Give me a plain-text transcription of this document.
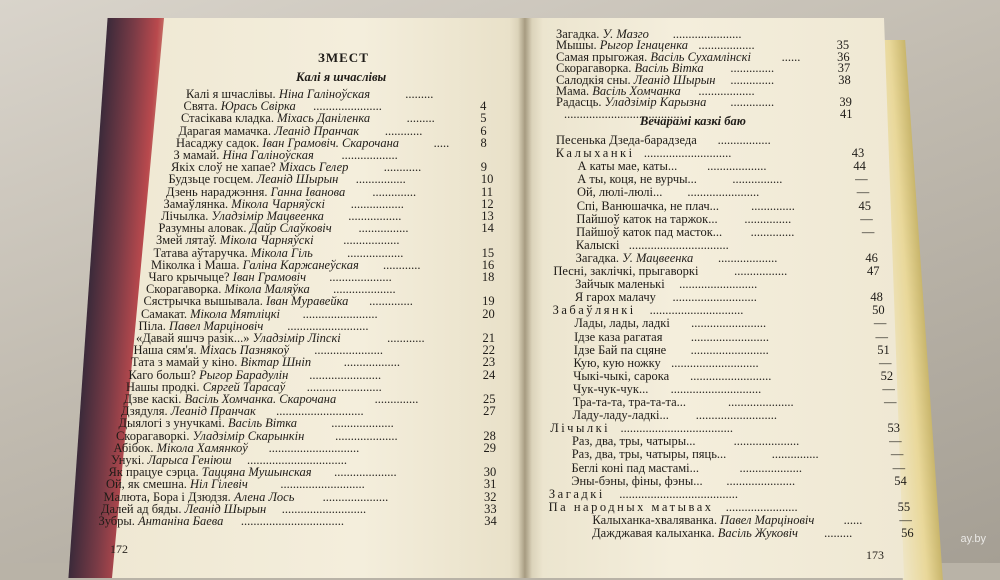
ЗМЕСТ
Калі я шчаслівы
Калі я шчаслівы. Ніна Галіноўская	.........
Свята. Юрась Свірка	4
......................
Стасікава кладка. Міхась Даніленка	5
.........
Дарагая мамачка. Леанід Пранчак	6
............
Насаджу садок. Іван Грамовіч. Скарочана	8
.....
З мамай. Ніна Галіноўская ..................
Якіх слоў не хапае? Міхась Гелер	9
............
Будзьце госцем. Леанід Шырын	10
................
Дзень нараджэння. Ганна Іванова	11
..............
Замаўлянка. Мікола Чарняўскі	12
.................
Лічылка. Уладзімір Мацвеенка	13
.................
Разумны аловак. Дайр Слаўковіч	14
................
Змей лятаў. Мікола Чарняўскі ..................
Татава аўтаручка. Мікола Гіль	15
..................
Міколка і Маша. Галіна Каржанеўская	16
............
Чаго крычыце? Іван Грамовіч	18
....................
Скорагаворка. Мікола Маляўка ....................
Сястрычка вышывала. Іван Муравейка	19
..............
Самакат. Мікола Мятліцкі	20
........................
Піла. Павел Марціновіч ..........................
«Давай яшчэ разік...» Уладзімір Ліпскі	21
............
Наша сям'я. Міхась Пазнякоў	22
......................
Тата з мамай у кіно. Віктар Шніп	23
..................
Каго больш? Рыгор Барадулін	24
.......................
Нашы продкі. Сяргей Тарасаў ........................
Дзве каскі. Васіль Хомчанка. Скарочана	25
..............
Дзядуля. Леанід Пранчак	27
............................
Дыялогі з унучкамі. Васіль Вітка	....................
Скорагаворкі. Уладзімір Скарынкін	28
....................
Абібок. Мікола Хамянкоў	29
.............................
Унукі. Ларыса Геніюш ................................
Як працуе сэрца. Таццяна Мушынская	30
....................
Ой, як смешна. Ніл Гілевіч	31
...........................
Малюта, Бора і Дзюдзя. Алена Лось	32
.....................
Далей ад бяды. Леанід Шырын	33
...........................
Зубры. Антаніна Баева	34
.................................
172
Загадка. У. Мазго ......................
Мышы. Рыгор Ігнаценка	35
..................
Самая прыгожая. Васіль Сухамлінскі	36
......
Скорагаворка. Васіль Вітка	37
..............
Салодкія сны. Леанід Шырын	38
..............
Мама. Васіль Хомчанка ..................
Радасць. Уладзімір Карызна	39
..............
41
......................................
Вечарамі казкі баю
Песенька Дзеда-барадзеда .................
Калыханкі	43
............................
А каты мае, каты...	44
...................
А ты, коця, не вурчы...	—
................
Ой, люлі-люлі...	—
.......................
Спі, Ванюшачка, не плач...	45
..............
Пайшоў каток на таржок...	—
...............
Пайшоў каток пад масток...	—
..............
Калыскі ................................
Загадка. У. Мацвеенка	46
...................
Песні, заклічкі, прыгаворкі	47
.................
Зайчык маленькі .........................
Я гарох малачу	48
...........................
Забаўлянкі	50
..............................
Лады, лады, ладкі	—
........................
Ідзе каза рагатая	—
.........................
Ідзе Бай па сцяне	51
.........................
Кую, кую ножку	—
............................
Чыкі-чыкі, сарока	52
..........................
Чук-чук-чук...	—
.............................
Тра-та-та, тра-та-та...	—
.....................
Ладу-ладу-ладкі... ..........................
Лічылкі	53
....................................
Раз, два, тры, чатыры...	—
.....................
Раз, два, тры, чатыры, пяць...	—
...............
Беглі коні пад мастамі...	—
....................
Эны-бэны, фіны, фэны...	54
......................
Загадкі ......................................
Па народных матывах	55
.......................
Калыханка-хваляванка. Павел Марціновіч	—
......
Дажджавая калыханка. Васіль Жуковіч	56
.........
173
ay.by
